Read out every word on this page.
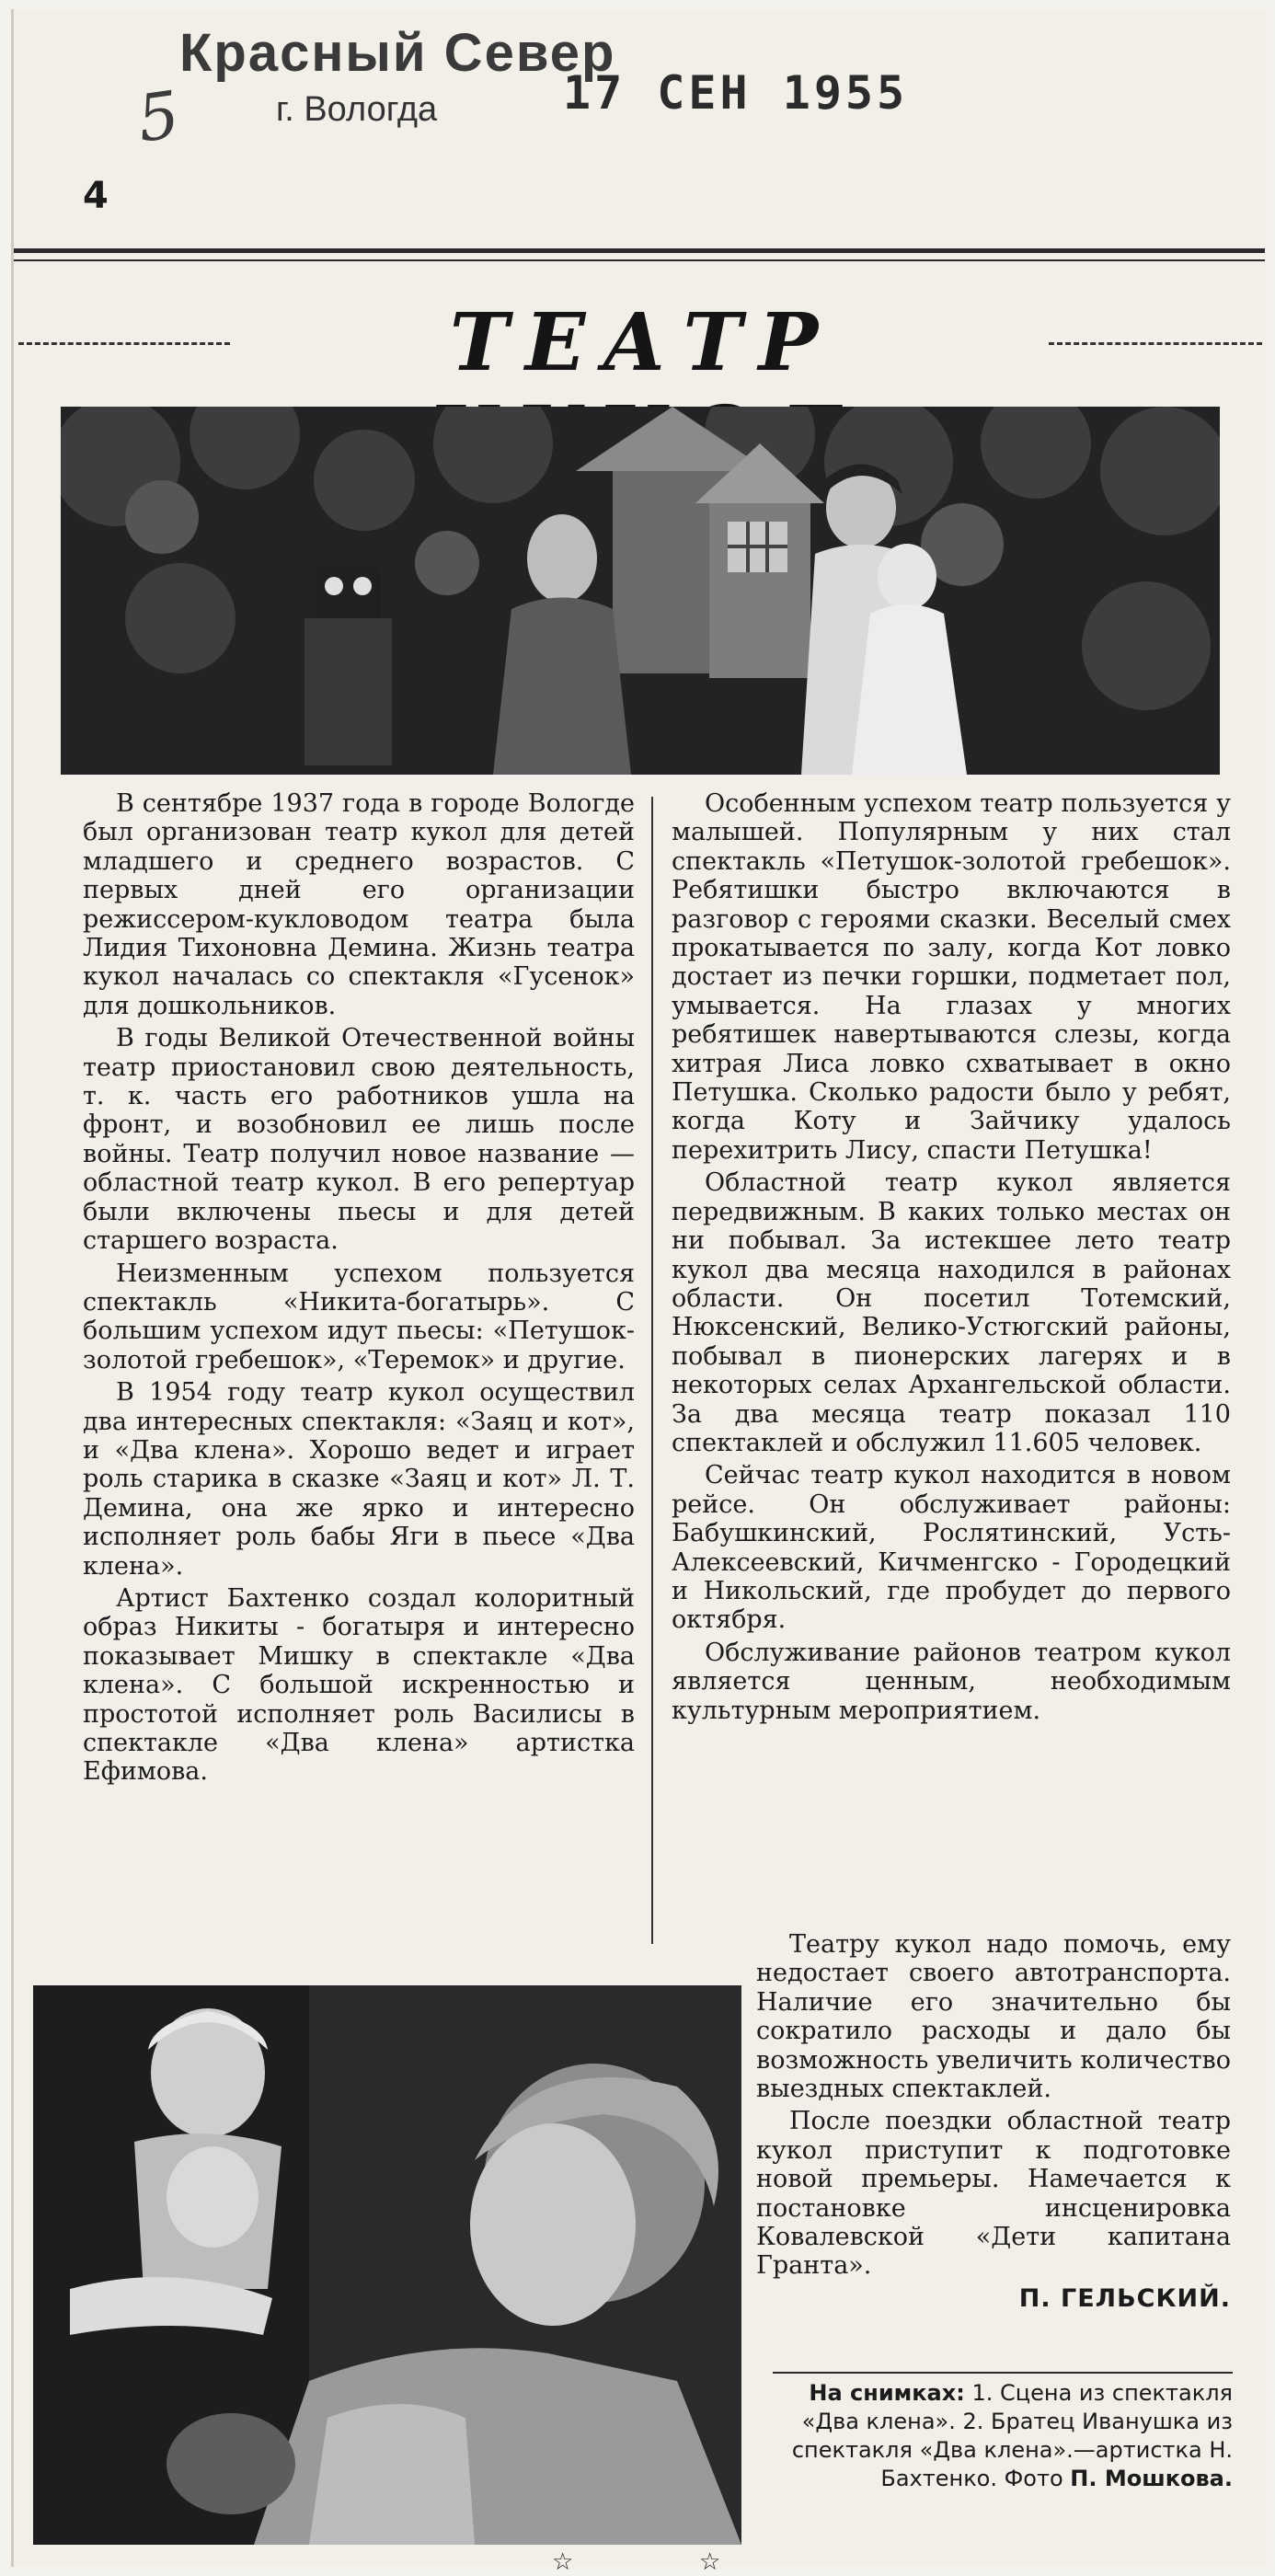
Красный Север
г. Вологда	17 СЕН 1955
5
4
ТЕАТР

В сентябре 1937 года в городе Вологде был организован театр кукол для детей младшего и среднего возрастов. С первых дней его организации режиссером-кукловодом театра была Лидия Тихоновна Демина. Жизнь театра кукол началась со спектакля «Гусенок» для дошкольников.

В годы Великой Отечественной войны театр приостановил свою деятельность, т. к. часть его работников ушла на фронт, и возобновил ее лишь после войны. Театр получил новое название — областной театр кукол. В его репертуар были включены пьесы и для детей старшего возраста.

Неизменным успехом пользуется спектакль «Никита-богатырь». С большим успехом идут пьесы: «Петушок-золотой гребешок», «Теремок» и другие.

В 1954 году театр кукол осуществил два интересных спектакля: «Заяц и кот», и «Два клена». Хорошо ведет и играет роль старика в сказке «Заяц и кот» Л. Т. Демина, она же ярко и интересно исполняет роль бабы Яги в пьесе «Два клена».

Артист Бахтенко создал колоритный образ Никиты - богатыря и интересно показывает Мишку в спектакле «Два клена». С большой искренностью и простотой исполняет роль Василисы в спектакле «Два клена» артистка Ефимова.

Особенным успехом театр пользуется у малышей. Популярным у них стал спектакль «Петушок-золотой гребешок». Ребятишки быстро включаются в разговор с героями сказки. Веселый смех прокатывается по залу, когда Кот ловко достает из печки горшки, подметает пол, умывается. На глазах у многих ребятишек навертываются слезы, когда хитрая Лиса ловко схватывает в окно Петушка. Сколько радости было у ребят, когда Коту и Зайчику удалось перехитрить Лису, спасти Петушка!

Областной театр кукол является передвижным. В каких только местах он ни побывал. За истекшее лето театр кукол два месяца находился в районах области. Он посетил Тотемский, Нюксенский, Велико-Устюгский районы, побывал в пионерских лагерях и в некоторых селах Архангельской области. За два месяца театр показал 110 спектаклей и обслужил 11.605 человек.

Сейчас театр кукол находится в новом рейсе. Он обслуживает районы: Бабушкинский, Рослятинский, Усть-Алексеевский, Кичменгско - Городецкий и Никольский, где пробудет до первого октября.

Обслуживание районов театром кукол является ценным, необходимым культурным мероприятием.

Театру кукол надо помочь, ему недостает своего автотранспорта. Наличие его значительно бы сократило расходы и дало бы возможность увеличить количество выездных спектаклей.

После поездки областной театр кукол приступит к подготовке новой премьеры. Намечается к постановке инсценировка Ковалевской «Дети капитана Гранта».

П. ГЕЛЬСКИЙ.

На снимках: 1. Сцена из спектакля «Два клена». 2. Братец Иванушка из спектакля «Два клена».—артистка Н. Бахтенко. Фото П. Мошкова.
☆	☆
